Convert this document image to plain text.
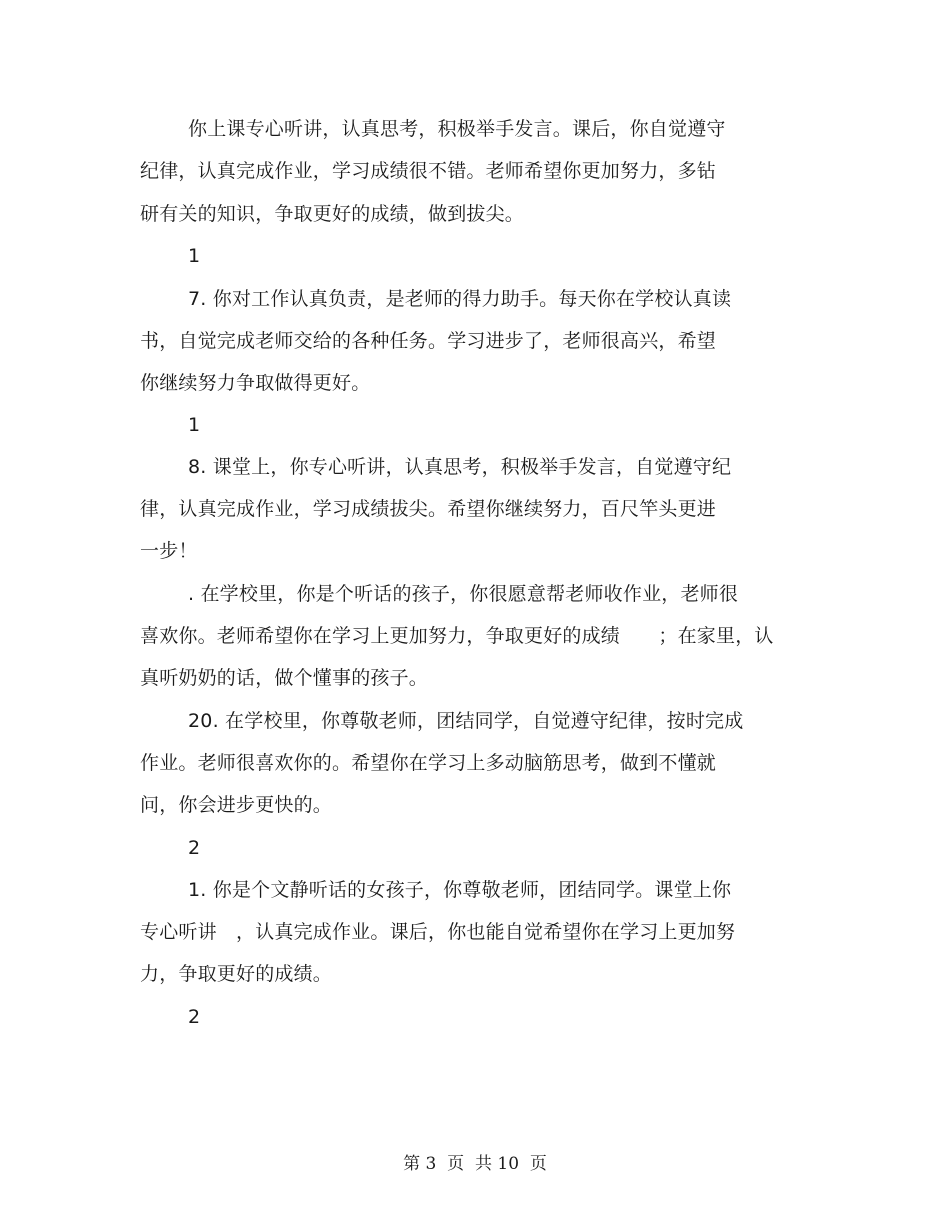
你上课专心听讲，认真思考，积极举手发言。课后，你自觉遵守
纪律，认真完成作业，学习成绩很不错。老师希望你更加努力，多钻
研有关的知识，争取更好的成绩，做到拔尖。
1
7. 你对工作认真负责，是老师的得力助手。每天你在学校认真读
书，自觉完成老师交给的各种任务。学习进步了，老师很高兴，希望
你继续努力争取做得更好。
1
8. 课堂上，你专心听讲，认真思考，积极举手发言，自觉遵守纪
律，认真完成作业，学习成绩拔尖。希望你继续努力，百尺竿头更进
一步！
. 在学校里，你是个听话的孩子，你很愿意帮老师收作业，老师很
喜欢你。老师希望你在学习上更加努力，争取更好的成绩　　；在家里，认
真听奶奶的话，做个懂事的孩子。
20. 在学校里，你尊敬老师，团结同学，自觉遵守纪律，按时完成
作业。老师很喜欢你的。希望你在学习上多动脑筋思考，做到不懂就
问，你会进步更快的。
2
1. 你是个文静听话的女孩子，你尊敬老师，团结同学。课堂上你
专心听讲　，认真完成作业。课后，你也能自觉希望你在学习上更加努
力，争取更好的成绩。
2
第 3  页  共 10  页
